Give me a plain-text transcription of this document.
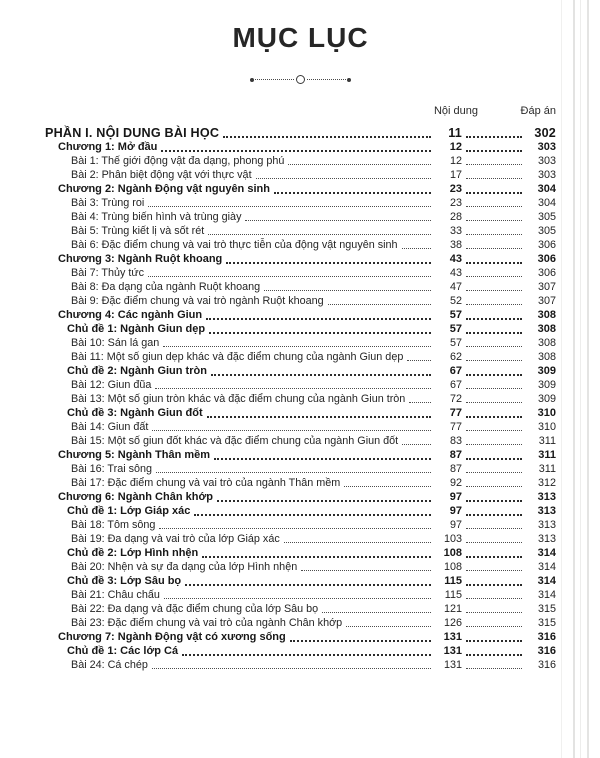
MỤC LỤC
Nội dung	Đáp án
PHẦN I. NỘI DUNG BÀI HỌC	11	302
Chương 1: Mở đầu	12	303
Bài 1: Thế giới động vật đa dạng, phong phú	12	303
Bài 2: Phân biệt động vật với thực vật	17	303
Chương 2: Ngành Động vật nguyên sinh	23	304
Bài 3: Trùng roi	23	304
Bài 4: Trùng biến hình và trùng giày	28	305
Bài 5: Trùng kiết lị và sốt rét	33	305
Bài 6: Đặc điểm chung và vai trò thực tiễn của động vật nguyên sinh	38	306
Chương 3: Ngành Ruột khoang	43	306
Bài 7: Thủy tức	43	306
Bài 8: Đa dạng của ngành Ruột khoang	47	307
Bài 9: Đặc điểm chung và vai trò ngành Ruột khoang	52	307
Chương 4: Các ngành Giun	57	308
Chủ đề 1: Ngành Giun dẹp	57	308
Bài 10: Sán lá gan	57	308
Bài 11: Một số giun dẹp khác và đặc điểm chung của ngành Giun dẹp	62	308
Chủ đề 2: Ngành Giun tròn	67	309
Bài 12: Giun đũa	67	309
Bài 13: Một số giun tròn khác và đặc điểm chung của ngành Giun tròn	72	309
Chủ đề 3: Ngành Giun đốt	77	310
Bài 14: Giun đất	77	310
Bài 15: Một số giun đốt khác và đặc điểm chung của ngành Giun đốt	83	311
Chương 5: Ngành Thân mềm	87	311
Bài 16: Trai sông	87	311
Bài 17: Đặc điểm chung và vai trò của ngành Thân mềm	92	312
Chương 6: Ngành Chân khớp	97	313
Chủ đề 1: Lớp Giáp xác	97	313
Bài 18: Tôm sông	97	313
Bài 19: Đa dạng và vai trò của lớp Giáp xác	103	313
Chủ đề 2: Lớp Hình nhện	108	314
Bài 20: Nhện và sự đa dạng của lớp Hình nhện	108	314
Chủ đề 3: Lớp Sâu bọ	115	314
Bài 21: Châu chấu	115	314
Bài 22: Đa dạng và đặc điểm chung của lớp Sâu bọ	121	315
Bài 23: Đặc điểm chung và vai trò của ngành Chân khớp	126	315
Chương 7: Ngành Động vật có xương sống	131	316
Chủ đề 1: Các lớp Cá	131	316
Bài 24: Cá chép	131	316
